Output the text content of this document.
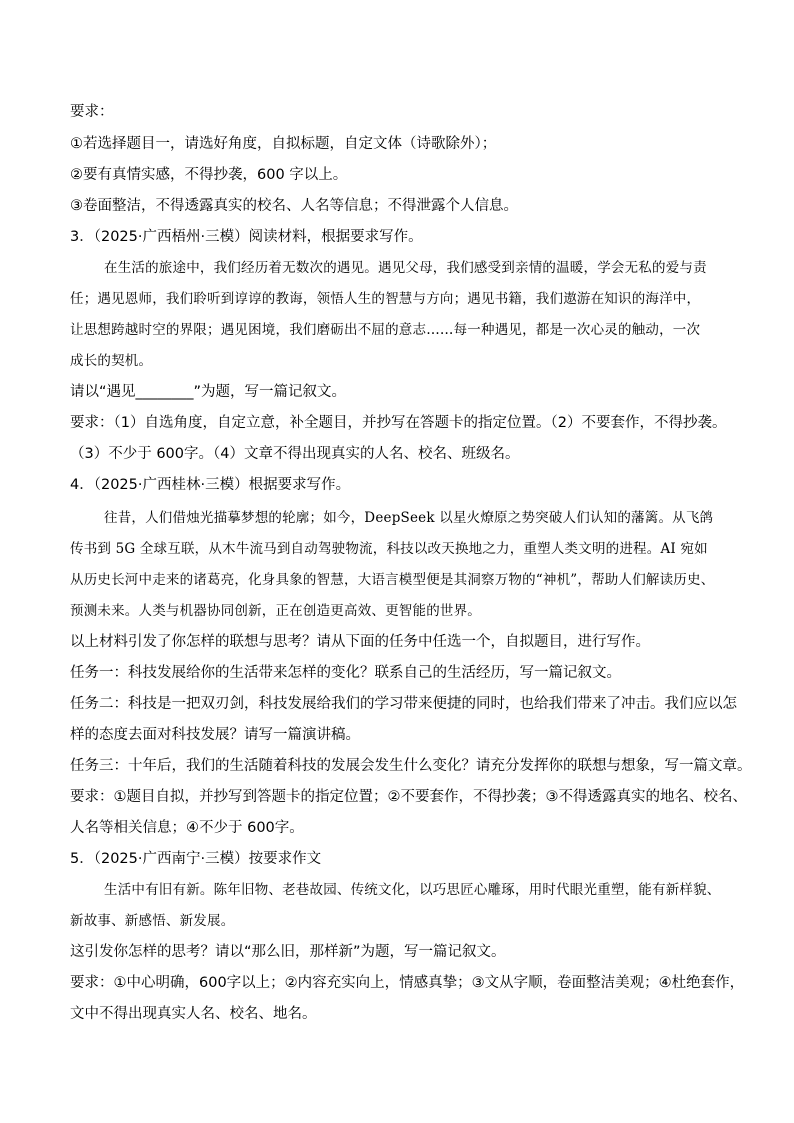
要求：
①若选择题目一，请选好角度，自拟标题，自定文体（诗歌除外）；
②要有真情实感，不得抄袭，600 字以上。
③卷面整洁，不得透露真实的校名、人名等信息；不得泄露个人信息。
3．（2025·广西梧州·三模）阅读材料，根据要求写作。
在生活的旅途中，我们经历着无数次的遇见。遇见父母，我们感受到亲情的温暖，学会无私的爱与责
任；遇见恩师，我们聆听到谆谆的教诲，领悟人生的智慧与方向；遇见书籍，我们遨游在知识的海洋中，
让思想跨越时空的界限；遇见困境，我们磨砺出不屈的意志……每一种遇见，都是一次心灵的触动，一次
成长的契机。
请以“遇见________”为题，写一篇记叙文。
要求：（1）自选角度，自定立意，补全题目，并抄写在答题卡的指定位置。（2）不要套作，不得抄袭。
（3）不少于 600字。（4）文章不得出现真实的人名、校名、班级名。
4．（2025·广西桂林·三模）根据要求写作。
往昔，人们借烛光描摹梦想的轮廓；如今，DeepSeek 以星火燎原之势突破人们认知的藩篱。从飞鸽
传书到 5G 全球互联，从木牛流马到自动驾驶物流，科技以改天换地之力，重塑人类文明的进程。AI 宛如
从历史长河中走来的诸葛亮，化身具象的智慧，大语言模型便是其洞察万物的“神机”，帮助人们解读历史、
预测未来。人类与机器协同创新，正在创造更高效、更智能的世界。
以上材料引发了你怎样的联想与思考？请从下面的任务中任选一个，自拟题目，进行写作。
任务一：科技发展给你的生活带来怎样的变化？联系自己的生活经历，写一篇记叙文。
任务二：科技是一把双刃剑，科技发展给我们的学习带来便捷的同时，也给我们带来了冲击。我们应以怎
样的态度去面对科技发展？请写一篇演讲稿。
任务三：十年后，我们的生活随着科技的发展会发生什么变化？请充分发挥你的联想与想象，写一篇文章。
要求：①题目自拟，并抄写到答题卡的指定位置；②不要套作，不得抄袭；③不得透露真实的地名、校名、
人名等相关信息；④不少于 600字。
5．（2025·广西南宁·三模）按要求作文
生活中有旧有新。陈年旧物、老巷故园、传统文化，以巧思匠心雕琢，用时代眼光重塑，能有新样貌、
新故事、新感悟、新发展。
这引发你怎样的思考？请以“那么旧，那样新”为题，写一篇记叙文。
要求：①中心明确，600字以上；②内容充实向上，情感真挚；③文从字顺，卷面整洁美观；④杜绝套作，
文中不得出现真实人名、校名、地名。
